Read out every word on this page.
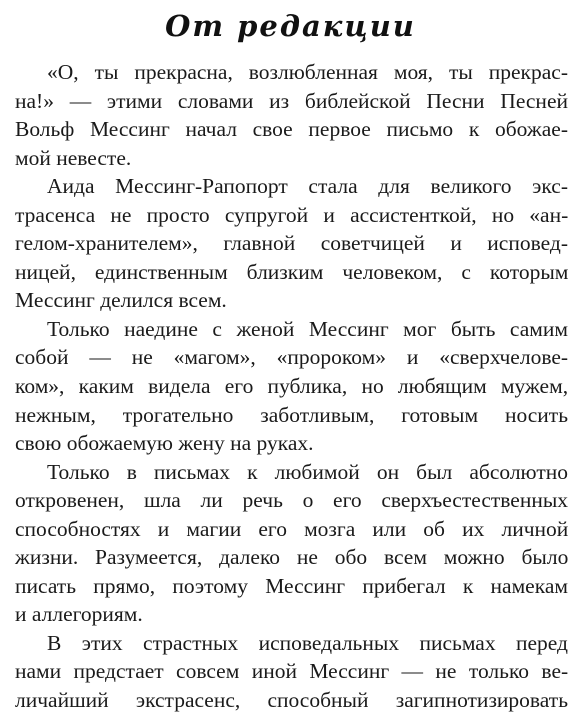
От редакции

«О, ты прекрасна, возлюбленная моя, ты прекрас-
на!» — этими словами из библейской Песни Песней
Вольф Мессинг начал свое первое письмо к обожае-
мой невесте.

Аида Мессинг-Рапопорт стала для великого экс-
трасенса не просто супругой и ассистенткой, но «ан-
гелом-хранителем», главной советчицей и исповед-
ницей, единственным близким человеком, с которым
Мессинг делился всем.

Только наедине с женой Мессинг мог быть самим
собой — не «магом», «пророком» и «сверхчелове-
ком», каким видела его публика, но любящим мужем,
нежным, трогательно заботливым, готовым носить
свою обожаемую жену на руках.

Только в письмах к любимой он был абсолютно
откровенен, шла ли речь о его сверхъестественных
способностях и магии его мозга или об их личной
жизни. Разумеется, далеко не обо всем можно было
писать прямо, поэтому Мессинг прибегал к намекам
и аллегориям.

В этих страстных исповедальных письмах перед
нами предстает совсем иной Мессинг — не только ве-
личайший экстрасенс, способный загипнотизировать
